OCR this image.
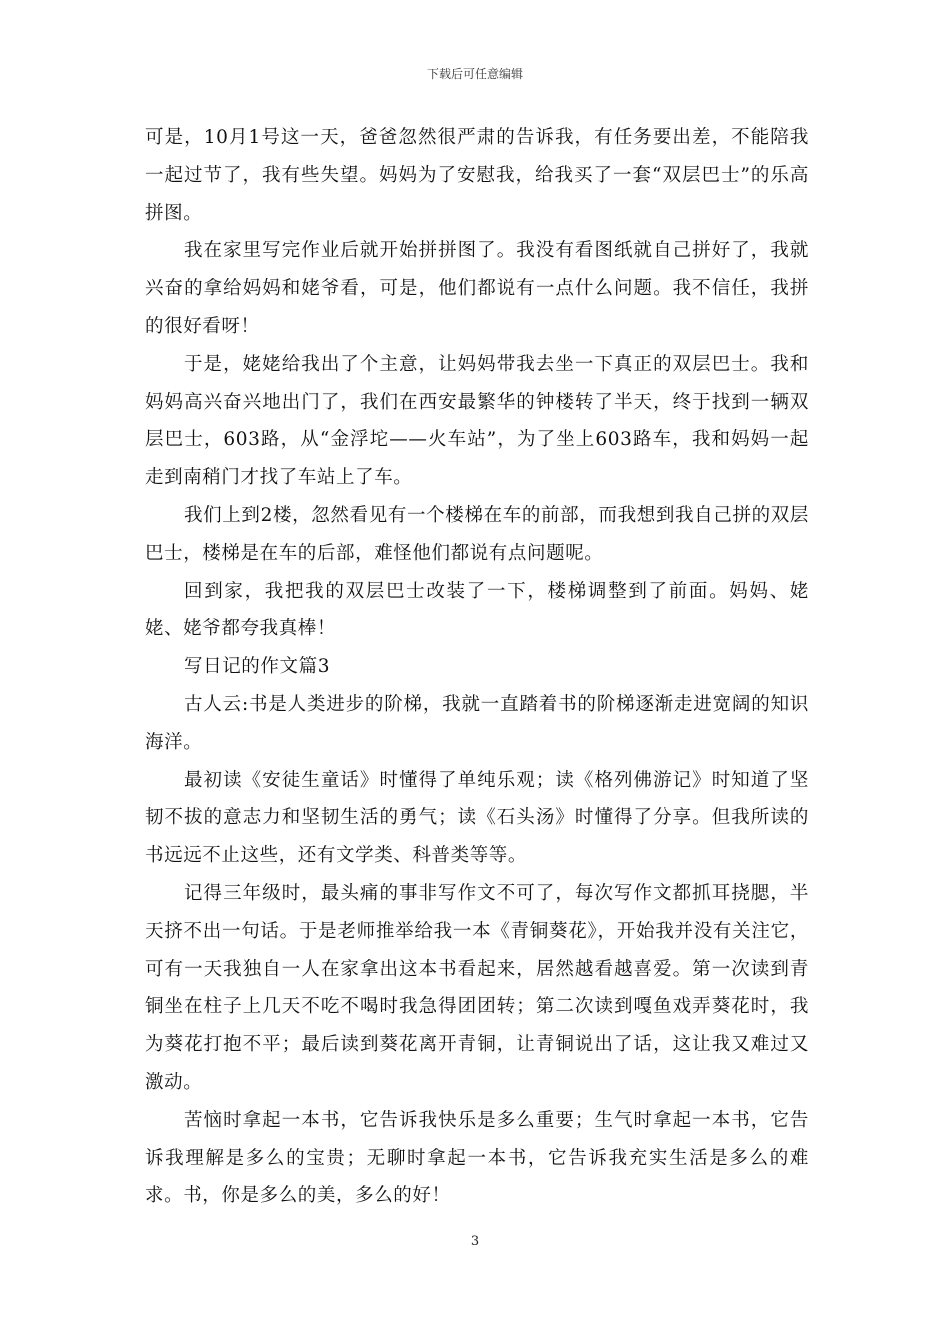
下载后可任意编辑

可是，10月1号这一天，爸爸忽然很严肃的告诉我，有任务要出差，不能陪我一起过节了，我有些失望。妈妈为了安慰我，给我买了一套“双层巴士”的乐高拼图。

我在家里写完作业后就开始拼拼图了。我没有看图纸就自己拼好了，我就兴奋的拿给妈妈和姥爷看，可是，他们都说有一点什么问题。我不信任，我拼的很好看呀！

于是，姥姥给我出了个主意，让妈妈带我去坐一下真正的双层巴士。我和妈妈高兴奋兴地出门了，我们在西安最繁华的钟楼转了半天，终于找到一辆双层巴士，603路，从“金浮坨——火车站”，为了坐上603路车，我和妈妈一起走到南稍门才找了车站上了车。

我们上到2楼，忽然看见有一个楼梯在车的前部，而我想到我自己拼的双层巴士，楼梯是在车的后部，难怪他们都说有点问题呢。

回到家，我把我的双层巴士改装了一下，楼梯调整到了前面。妈妈、姥姥、姥爷都夸我真棒！

写日记的作文篇3

古人云:书是人类进步的阶梯，我就一直踏着书的阶梯逐渐走进宽阔的知识海洋。

最初读《安徒生童话》时懂得了单纯乐观；读《格列佛游记》时知道了坚韧不拔的意志力和坚韧生活的勇气；读《石头汤》时懂得了分享。但我所读的书远远不止这些，还有文学类、科普类等等。

记得三年级时，最头痛的事非写作文不可了，每次写作文都抓耳挠腮，半天挤不出一句话。于是老师推举给我一本《青铜葵花》，开始我并没有关注它，可有一天我独自一人在家拿出这本书看起来，居然越看越喜爱。第一次读到青铜坐在柱子上几天不吃不喝时我急得团团转；第二次读到嘎鱼戏弄葵花时，我为葵花打抱不平；最后读到葵花离开青铜，让青铜说出了话，这让我又难过又激动。

苦恼时拿起一本书，它告诉我快乐是多么重要；生气时拿起一本书，它告诉我理解是多么的宝贵；无聊时拿起一本书，它告诉我充实生活是多么的难求。书，你是多么的美，多么的好！

3
